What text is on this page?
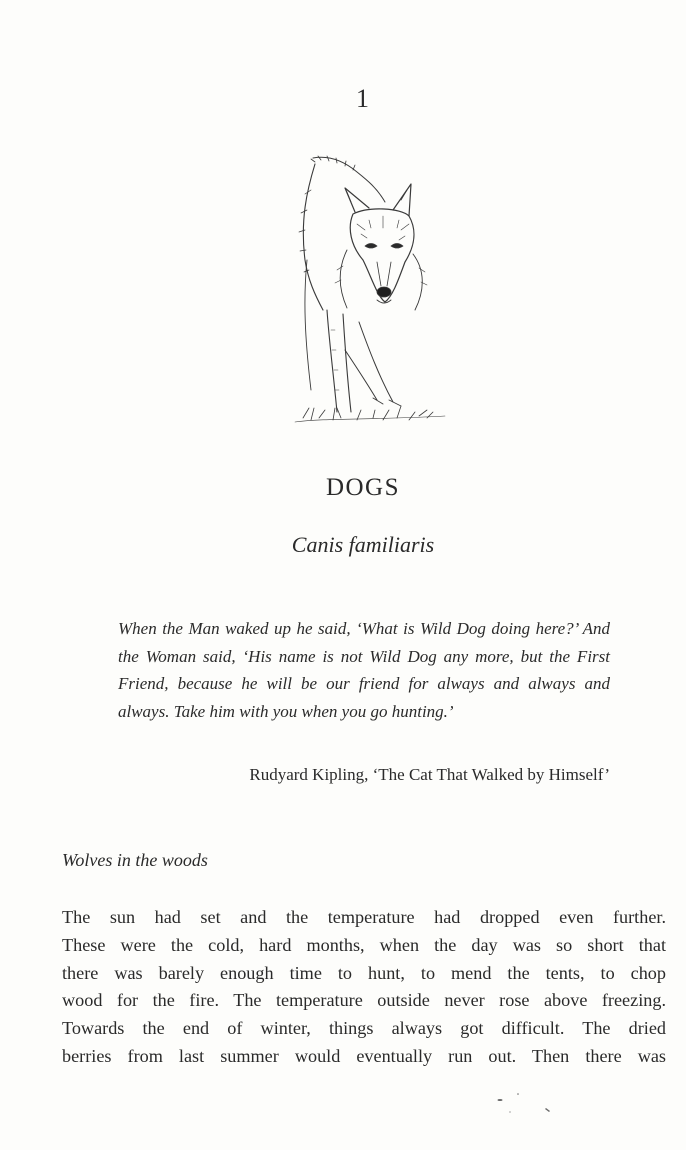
1
DOGS
Canis familiaris

When the Man waked up he said, ‘What is Wild Dog doing here?’ And the Woman said, ‘His name is not Wild Dog any more, but the First Friend, because he will be our friend for always and always and always. Take him with you when you go hunting.’

Rudyard Kipling, ‘The Cat That Walked by Himself’
Wolves in the woods
The sun had set and the temperature had dropped even further.
These were the cold, hard months, when the day was so short that
there was barely enough time to hunt, to mend the tents, to chop
wood for the fire. The temperature outside never rose above freezing.
Towards the end of winter, things always got difficult. The dried
berries from last summer would eventually run out. Then there was
